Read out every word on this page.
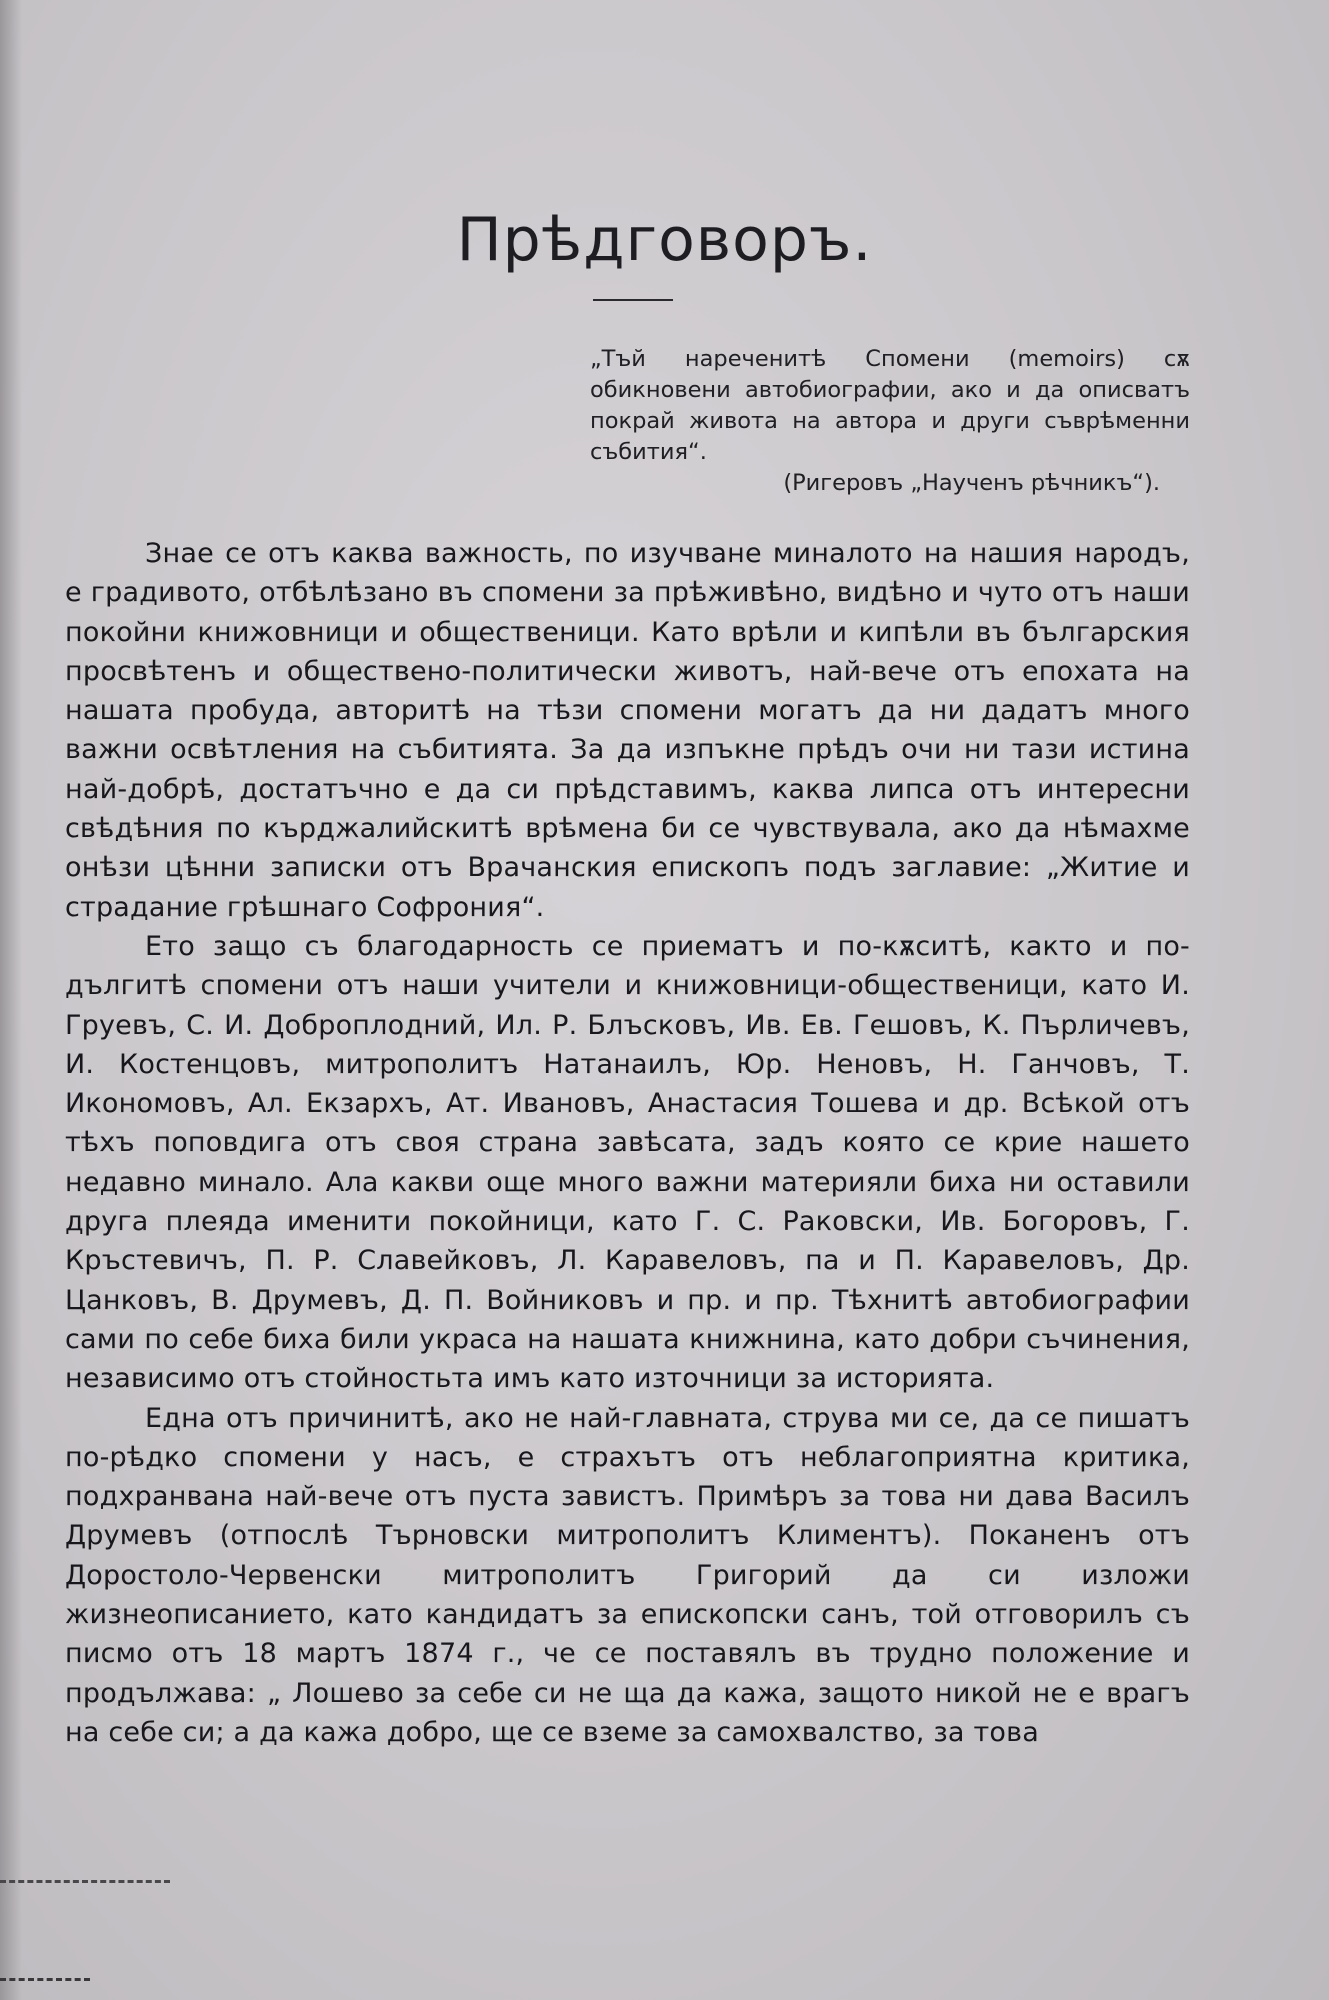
Прѣдговоръ.
„Тъй нареченитѣ Спомени (memoirs) сѫ обикновени автобиографии, ако и да описватъ покрай живота на автора и други съврѣменни събития“.
(Ригеровъ „Наученъ рѣчникъ“).

Знае се отъ каква важность, по изучване миналото на нашия народъ, е градивото, отбѣлѣзано въ спомени за прѣживѣно, видѣно и чуто отъ наши покойни книжовници и общественици. Като врѣли и кипѣли въ българския просвѣтенъ и обществено-политически животъ, най-вече отъ епохата на нашата пробуда, авторитѣ на тѣзи спомени могатъ да ни дадатъ много важни освѣтления на събитията. За да изпъкне прѣдъ очи ни тази истина най-добрѣ, достатъчно е да си прѣдставимъ, каква липса отъ интересни свѣдѣния по кърджалийскитѣ врѣмена би се чувствувала, ако да нѣмахме онѣзи цѣнни записки отъ Врачанския епископъ подъ заглавие: „Житие и страдание грѣшнаго Софрония“.

Ето защо съ благодарность се приематъ и по-кѫситѣ, както и по-дългитѣ спомени отъ наши учители и книжовници-общественици, като И. Груевъ, С. И. Доброплодний, Ил. Р. Блъсковъ, Ив. Ев. Гешовъ, К. Пърличевъ, И. Костенцовъ, митрополитъ Натанаилъ, Юр. Неновъ, Н. Ганчовъ, Т. Икономовъ, Ал. Екзархъ, Ат. Ивановъ, Анастасия Тошева и др. Всѣкой отъ тѣхъ поповдига отъ своя страна завѣсата, задъ която се крие нашето недавно минало. Ала какви още много важни материяли биха ни оставили друга плеяда именити покойници, като Г. С. Раковски, Ив. Богоровъ, Г. Кръстевичъ, П. Р. Славейковъ, Л. Каравеловъ, па и П. Каравеловъ, Др. Цанковъ, В. Друмевъ, Д. П. Войниковъ и пр. и пр. Тѣхнитѣ автобиографии сами по себе биха били украса на нашата книжнина, като добри съчинения, независимо отъ стойностьта имъ като източници за историята.

Една отъ причинитѣ, ако не най-главната, струва ми се, да се пишатъ по-рѣдко спомени у насъ, е страхътъ отъ неблагоприятна критика, подхранвана най-вече отъ пуста завистъ. Примѣръ за това ни дава Василъ Друмевъ (отпослѣ Търновски митрополитъ Климентъ). Поканенъ отъ Доростоло-Червенски митрополитъ Григорий да си изложи жизнеописанието, като кандидатъ за епископски санъ, той отговорилъ съ писмо отъ 18 мартъ 1874 г., че се поставялъ въ трудно положение и продължава: „ Лошево за себе си не ща да кажа, защото никой не е врагъ на себе си; а да кажа добро, ще се вземе за самохвалство, за това
